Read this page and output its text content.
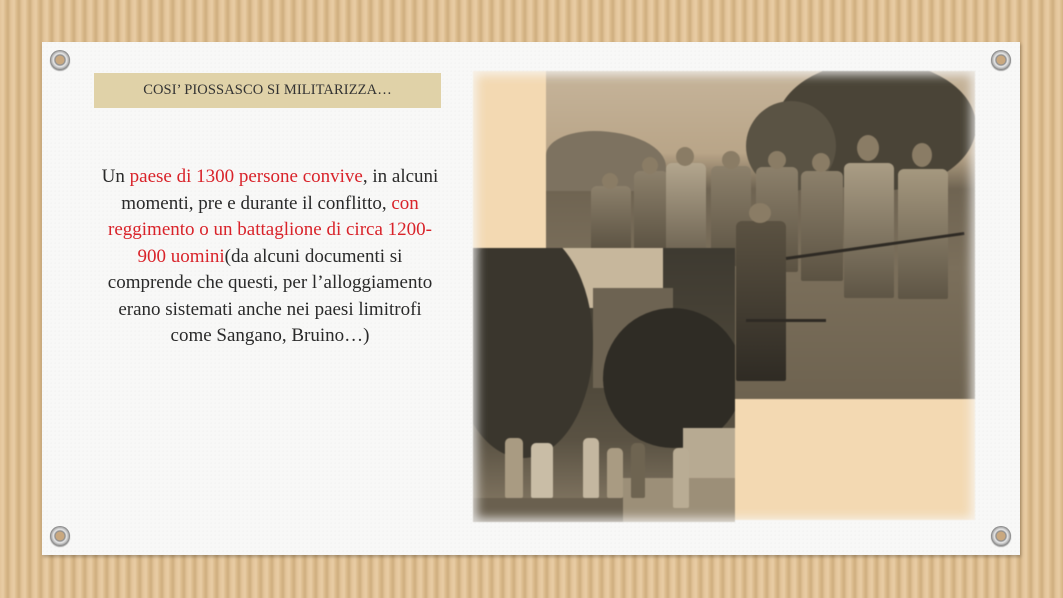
COSI’ PIOSSASCO SI MILITARIZZA…
Un paese di 1300 persone convive, in alcuni momenti, pre e durante il conflitto, con reggimento o un battaglione di circa 1200-900 uomini(da alcuni documenti si comprende che questi, per l’alloggiamento erano sistemati anche nei paesi limitrofi come Sangano, Bruino…)
